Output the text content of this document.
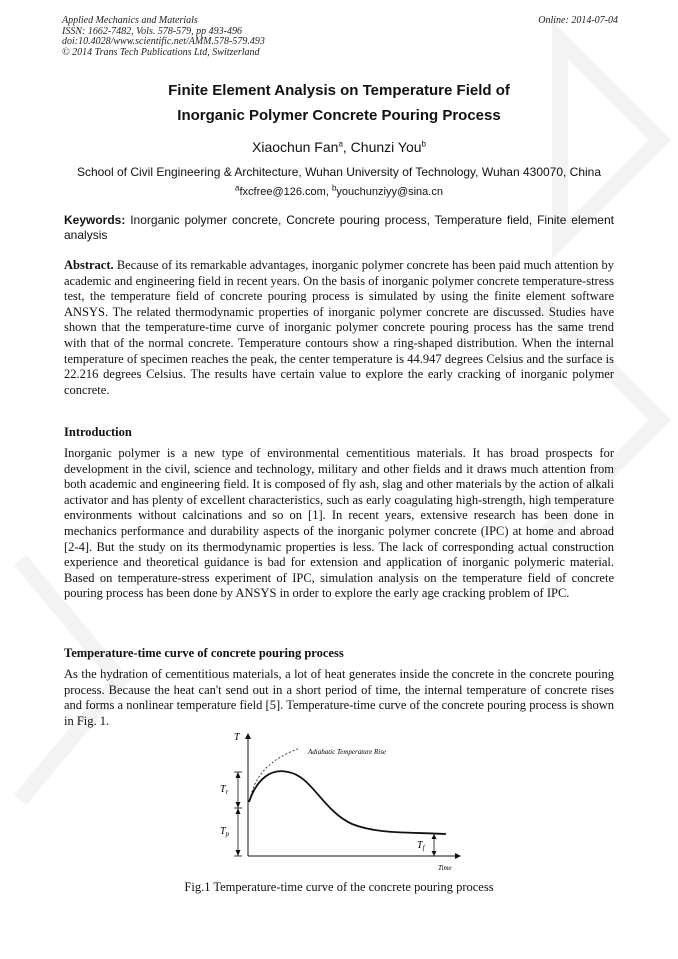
Applied Mechanics and Materials
ISSN: 1662-7482, Vols. 578-579, pp 493-496
doi:10.4028/www.scientific.net/AMM.578-579.493
© 2014 Trans Tech Publications Ltd, Switzerland
Online: 2014-07-04
Finite Element Analysis on Temperature Field of
Inorganic Polymer Concrete Pouring Process
Xiaochun Fan$^a$, Chunzi You$^b$
School of Civil Engineering & Architecture, Wuhan University of Technology, Wuhan 430070, China
$^a$fxcfree@126.com, $^b$youchunziyy@sina.cn
Keywords: Inorganic polymer concrete, Concrete pouring process, Temperature field, Finite element analysis
Abstract. Because of its remarkable advantages, inorganic polymer concrete has been paid much attention by academic and engineering field in recent years. On the basis of inorganic polymer concrete temperature-stress test, the temperature field of concrete pouring process is simulated by using the finite element software ANSYS. The related thermodynamic properties of inorganic polymer concrete are discussed. Studies have shown that the temperature-time curve of inorganic polymer concrete pouring process has the same trend with that of the normal concrete. Temperature contours show a ring-shaped distribution. When the internal temperature of specimen reaches the peak, the center temperature is 44.947 degrees Celsius and the surface is 22.216 degrees Celsius. The results have certain value to explore the early cracking of inorganic polymer concrete.
Introduction
Inorganic polymer is a new type of environmental cementitious materials. It has broad prospects for development in the civil, science and technology, military and other fields and it draws much attention from both academic and engineering field. It is composed of fly ash, slag and other materials by the action of alkali activator and has plenty of excellent characteristics, such as early coagulating high-strength, high temperature environments without calcinations and so on [1]. In recent years, extensive research has been done in mechanics performance and durability aspects of the inorganic polymer concrete (IPC) at home and abroad [2-4]. But the study on its thermodynamic properties is less. The lack of corresponding actual construction experience and theoretical guidance is bad for extension and application of inorganic polymeric material. Based on temperature-stress experiment of IPC, simulation analysis on the temperature field of concrete pouring process has been done by ANSYS in order to explore the early age cracking problem of IPC.
Temperature-time curve of concrete pouring process
As the hydration of cementitious materials, a lot of heat generates inside the concrete in the concrete pouring process. Because the heat can't send out in a short period of time, the internal temperature of concrete rises and forms a nonlinear temperature field [5]. Temperature-time curve of the concrete pouring process is shown in Fig. 1.
T
Time
Adiabatic Temperature Rise
$T_r$
$T_p$
$T_f$
Fig.1 Temperature-time curve of the concrete pouring process
